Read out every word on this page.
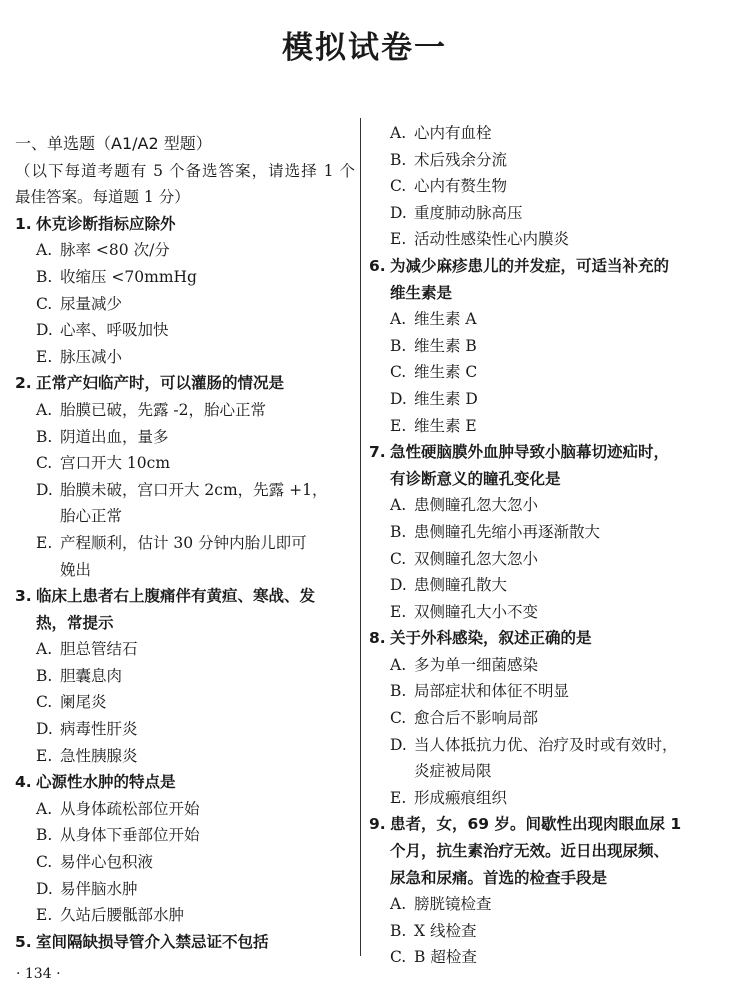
模拟试卷一
一、单选题（A1/A2 型题）
（以下每道考题有 5 个备选答案，请选择 1 个
最佳答案。每道题 1 分）
1. 休克诊断指标应除外
A. 脉率 <80 次/分
B. 收缩压 <70mmHg
C. 尿量减少
D. 心率、呼吸加快
E. 脉压减小
2. 正常产妇临产时，可以灌肠的情况是
A. 胎膜已破，先露 -2，胎心正常
B. 阴道出血，量多
C. 宫口开大 10cm
D. 胎膜未破，宫口开大 2cm，先露 +1，
胎心正常
E. 产程顺利，估计 30 分钟内胎儿即可
娩出
3. 临床上患者右上腹痛伴有黄疸、寒战、发
热，常提示
A. 胆总管结石
B. 胆囊息肉
C. 阑尾炎
D. 病毒性肝炎
E. 急性胰腺炎
4. 心源性水肿的特点是
A. 从身体疏松部位开始
B. 从身体下垂部位开始
C. 易伴心包积液
D. 易伴脑水肿
E. 久站后腰骶部水肿
5. 室间隔缺损导管介入禁忌证不包括
A. 心内有血栓
B. 术后残余分流
C. 心内有赘生物
D. 重度肺动脉高压
E. 活动性感染性心内膜炎
6. 为减少麻疹患儿的并发症，可适当补充的
维生素是
A. 维生素 A
B. 维生素 B
C. 维生素 C
D. 维生素 D
E. 维生素 E
7. 急性硬脑膜外血肿导致小脑幕切迹疝时，
有诊断意义的瞳孔变化是
A. 患侧瞳孔忽大忽小
B. 患侧瞳孔先缩小再逐渐散大
C. 双侧瞳孔忽大忽小
D. 患侧瞳孔散大
E. 双侧瞳孔大小不变
8. 关于外科感染，叙述正确的是
A. 多为单一细菌感染
B. 局部症状和体征不明显
C. 愈合后不影响局部
D. 当人体抵抗力优、治疗及时或有效时，
炎症被局限
E. 形成瘢痕组织
9. 患者，女，69 岁。间歇性出现肉眼血尿 1
个月，抗生素治疗无效。近日出现尿频、
尿急和尿痛。首选的检查手段是
A. 膀胱镜检查
B. X 线检查
C. B 超检查
· 134 ·
